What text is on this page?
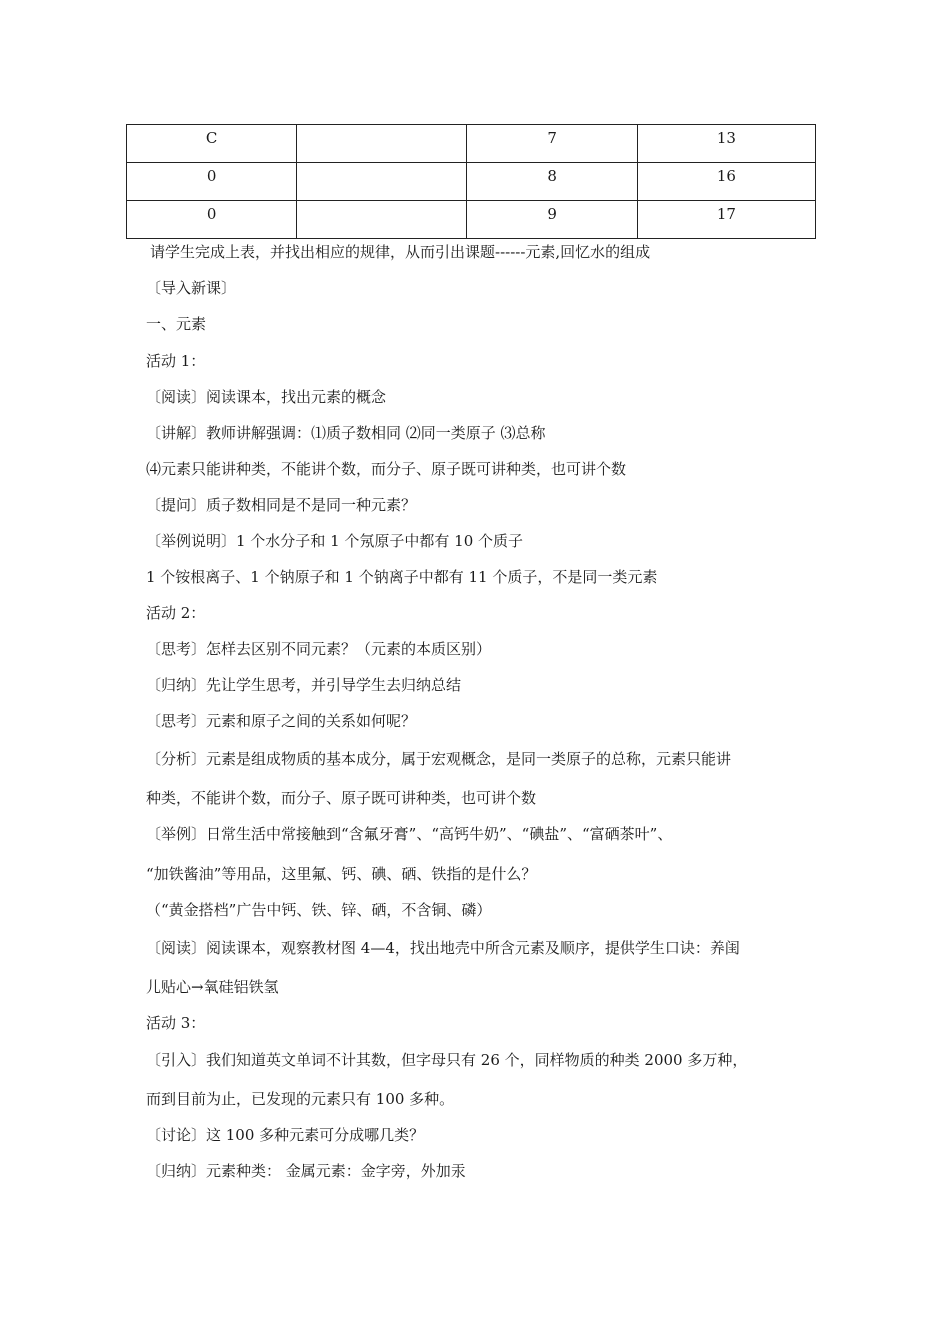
C		7	13
0		8	16
0		9	17
请学生完成上表，并找出相应的规律，从而引出课题------元素,回忆水的组成
〔导入新课〕
一、元素
活动 1：
〔阅读〕阅读课本，找出元素的概念
〔讲解〕教师讲解强调：⑴质子数相同 ⑵同一类原子 ⑶总称
⑷元素只能讲种类，不能讲个数，而分子、原子既可讲种类，也可讲个数
〔提问〕质子数相同是不是同一种元素？
〔举例说明〕1 个水分子和 1 个氖原子中都有 10 个质子
1 个铵根离子、1 个钠原子和 1 个钠离子中都有 11 个质子，不是同一类元素
活动 2：
〔思考〕怎样去区别不同元素？（元素的本质区别）
〔归纳〕先让学生思考，并引导学生去归纳总结
〔思考〕元素和原子之间的关系如何呢？
〔分析〕元素是组成物质的基本成分，属于宏观概念，是同一类原子的总称，元素只能讲
种类，不能讲个数，而分子、原子既可讲种类，也可讲个数
〔举例〕日常生活中常接触到“含氟牙膏”、“高钙牛奶”、“碘盐”、“富硒茶叶”、
“加铁酱油”等用品，这里氟、钙、碘、硒、铁指的是什么？
（“黄金搭档”广告中钙、铁、锌、硒，不含铜、磷）
〔阅读〕阅读课本，观察教材图 4—4，找出地壳中所含元素及顺序，提供学生口诀：养闺
儿贴心→氧硅铝铁氢
活动 3：
〔引入〕我们知道英文单词不计其数，但字母只有 26 个，同样物质的种类 2000 多万种，
而到目前为止，已发现的元素只有 100 多种。
〔讨论〕这 100 多种元素可分成哪几类？
〔归纳〕元素种类： 金属元素：金字旁，外加汞
